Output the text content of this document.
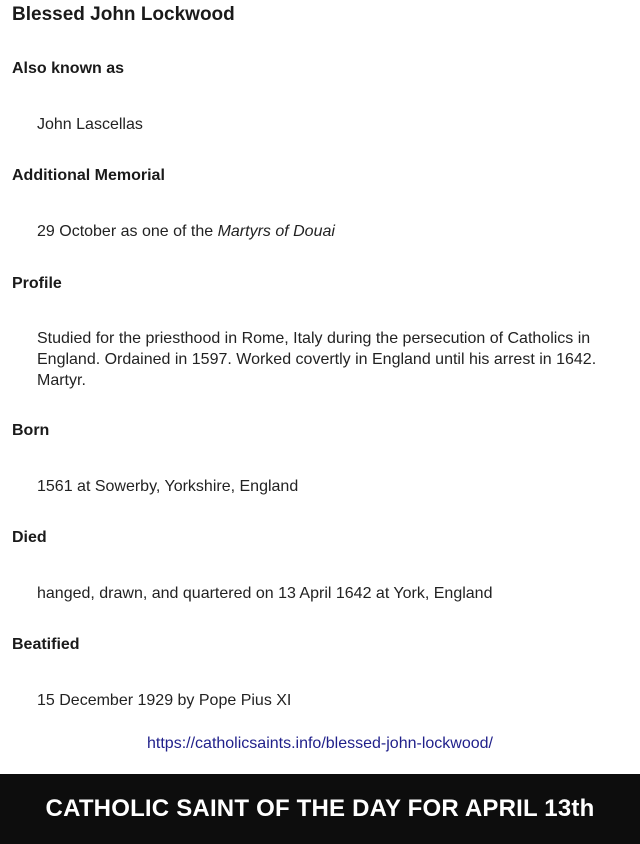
Blessed John Lockwood
Also known as

John Lascellas

Additional Memorial

29 October as one of the Martyrs of Douai

Profile

Studied for the priesthood in Rome, Italy during the persecution of Catholics in England. Ordained in 1597. Worked covertly in England until his arrest in 1642. Martyr.

Born

1561 at Sowerby, Yorkshire, England

Died

hanged, drawn, and quartered on 13 April 1642 at York, England

Beatified

15 December 1929 by Pope Pius XI

https://catholicsaints.info/blessed-john-lockwood/
CATHOLIC SAINT OF THE DAY FOR APRIL 13th
